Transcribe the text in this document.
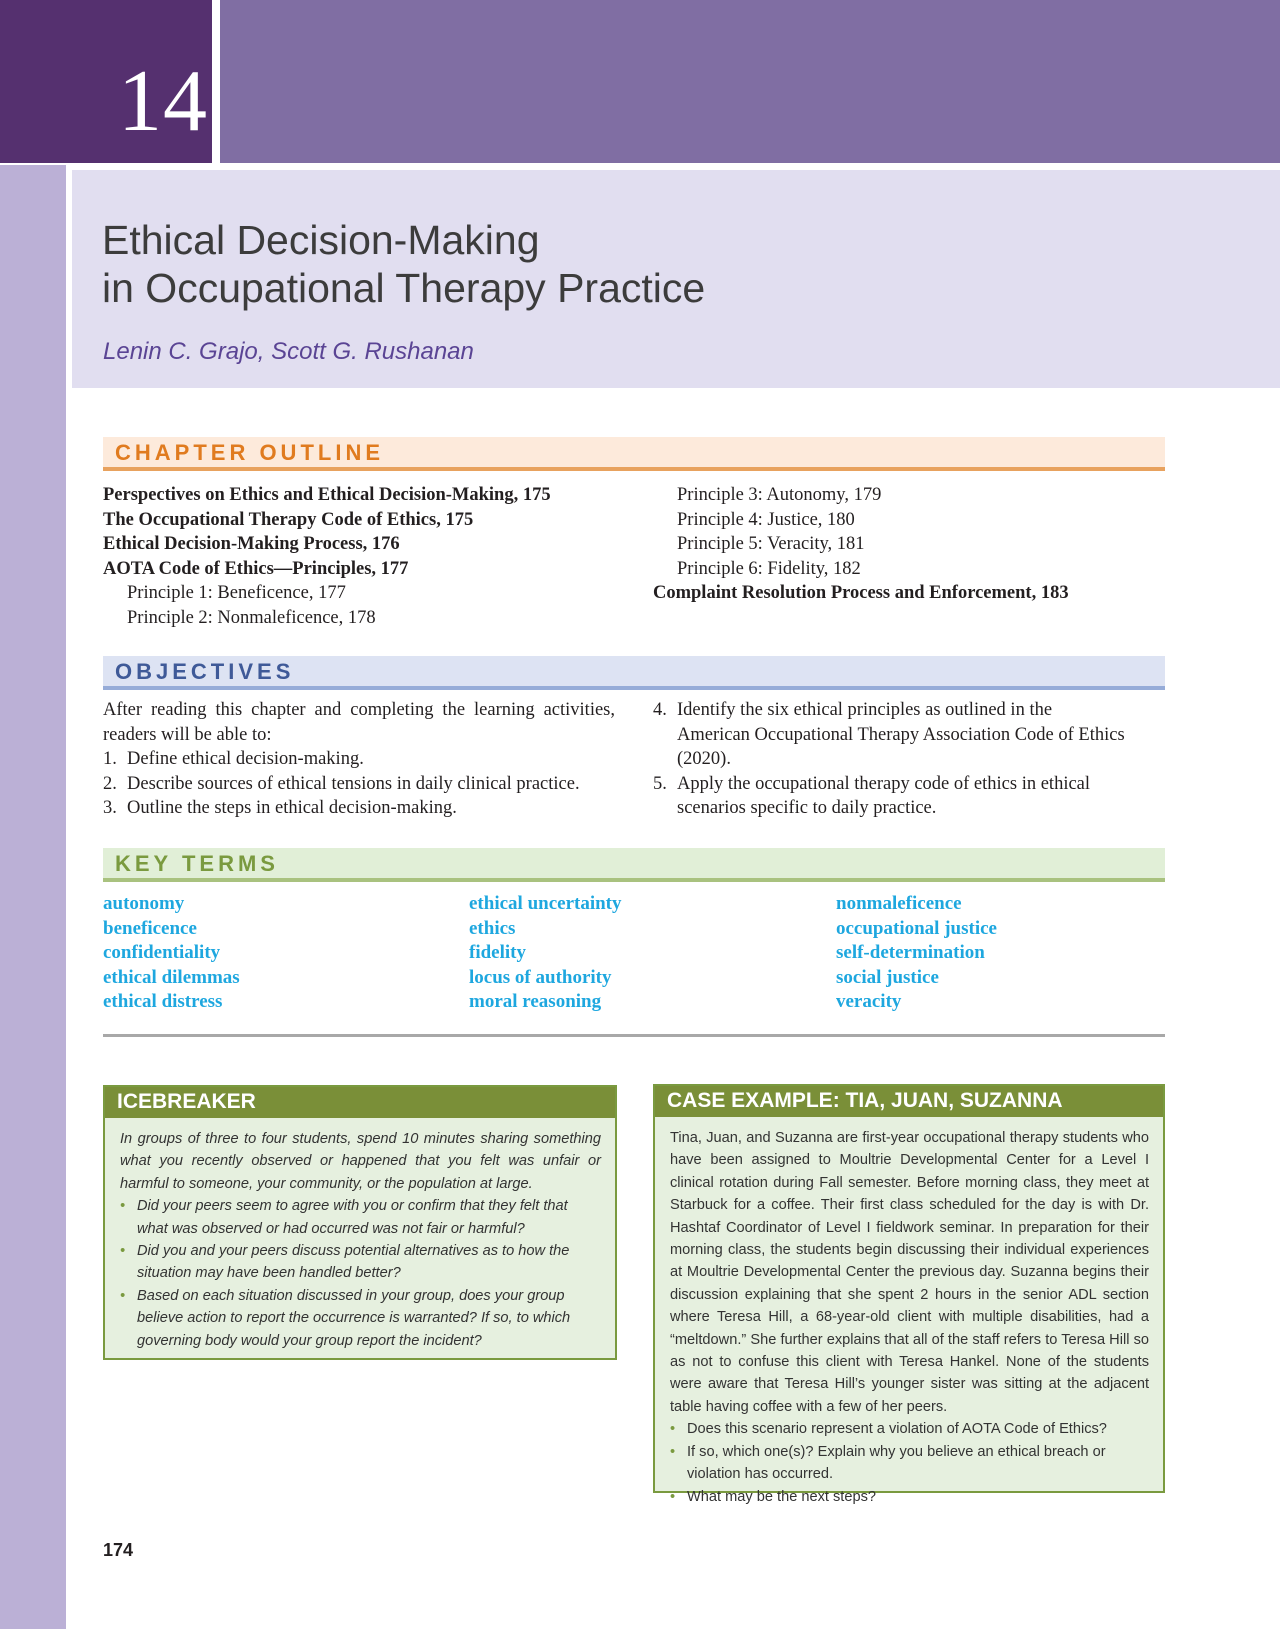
14
Ethical Decision-Making
in Occupational Therapy Practice
Lenin C. Grajo, Scott G. Rushanan
CHAPTER OUTLINE
Perspectives on Ethics and Ethical Decision-Making, 175
The Occupational Therapy Code of Ethics, 175
Ethical Decision-Making Process, 176
AOTA Code of Ethics—Principles, 177
Principle 1: Beneficence, 177
Principle 2: Nonmaleficence, 178
Principle 3: Autonomy, 179
Principle 4: Justice, 180
Principle 5: Veracity, 181
Principle 6: Fidelity, 182
Complaint Resolution Process and Enforcement, 183
OBJECTIVES
After reading this chapter and completing the learning activities, readers will be able to:
1. Define ethical decision-making.
2. Describe sources of ethical tensions in daily clinical practice.
3. Outline the steps in ethical decision-making.
4. Identify the six ethical principles as outlined in the American Occupational Therapy Association Code of Ethics (2020).
5. Apply the occupational therapy code of ethics in ethical scenarios specific to daily practice.
KEY TERMS
autonomy
beneficence
confidentiality
ethical dilemmas
ethical distress
ethical uncertainty
ethics
fidelity
locus of authority
moral reasoning
nonmaleficence
occupational justice
self-determination
social justice
veracity
ICEBREAKER
In groups of three to four students, spend 10 minutes sharing something what you recently observed or happened that you felt was unfair or harmful to someone, your community, or the population at large.
• Did your peers seem to agree with you or confirm that they felt that what was observed or had occurred was not fair or harmful?
• Did you and your peers discuss potential alternatives as to how the situation may have been handled better?
• Based on each situation discussed in your group, does your group believe action to report the occurrence is warranted? If so, to which governing body would your group report the incident?
CASE EXAMPLE: TIA, JUAN, SUZANNA
Tina, Juan, and Suzanna are first-year occupational therapy students who have been assigned to Moultrie Developmental Center for a Level I clinical rotation during Fall semester. Before morning class, they meet at Starbuck for a coffee. Their first class scheduled for the day is with Dr. Hashtaf Coordinator of Level I fieldwork seminar. In preparation for their morning class, the students begin discussing their individual experiences at Moultrie Developmental Center the previous day. Suzanna begins their discussion explaining that she spent 2 hours in the senior ADL section where Teresa Hill, a 68-year-old client with multiple disabilities, had a “meltdown.” She further explains that all of the staff refers to Teresa Hill so as not to confuse this client with Teresa Hankel. None of the students were aware that Teresa Hill’s younger sister was sitting at the adjacent table having coffee with a few of her peers.
• Does this scenario represent a violation of AOTA Code of Ethics?
• If so, which one(s)? Explain why you believe an ethical breach or violation has occurred.
• What may be the next steps?
174
